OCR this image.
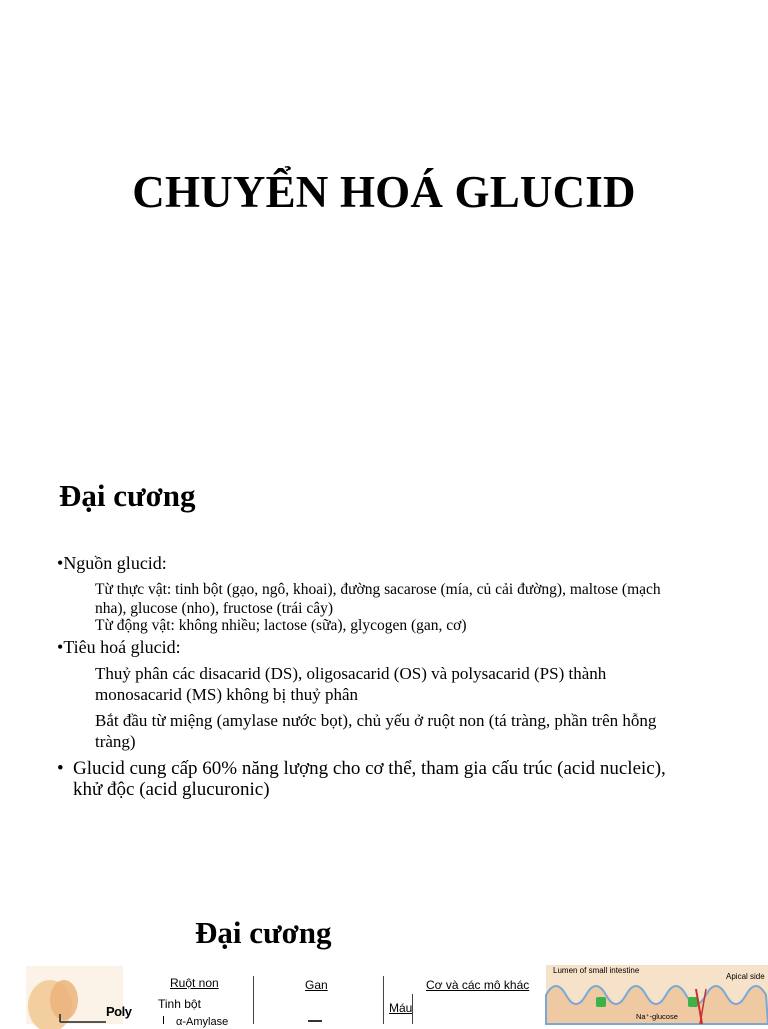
CHUYỂN HOÁ GLUCID
Đại cương
•Nguồn glucid:
Từ thực vật: tinh bột (gạo, ngô, khoai), đường sacarose (mía, củ cải đường), maltose (mạch nha), glucose (nho), fructose (trái cây)
Từ động vật: không nhiều; lactose (sữa), glycogen (gan, cơ)
•Tiêu hoá glucid:
Thuỷ phân các disacarid (DS), oligosacarid (OS) và polysacarid (PS) thành monosacarid (MS) không bị thuỷ phân
Bắt đầu từ miệng (amylase nước bọt), chủ yếu ở ruột non (tá tràng, phần trên hỗng tràng)
• Glucid cung cấp 60% năng lượng cho cơ thể, tham gia cấu trúc (acid nucleic), khử độc (acid glucuronic)
Đại cương
Poly
Ruột non
Tinh bột
α-Amylase
Gan
Máu
Cơ và các mô khác
Lumen of small intestine
Apical side
Na⁺-glucose
